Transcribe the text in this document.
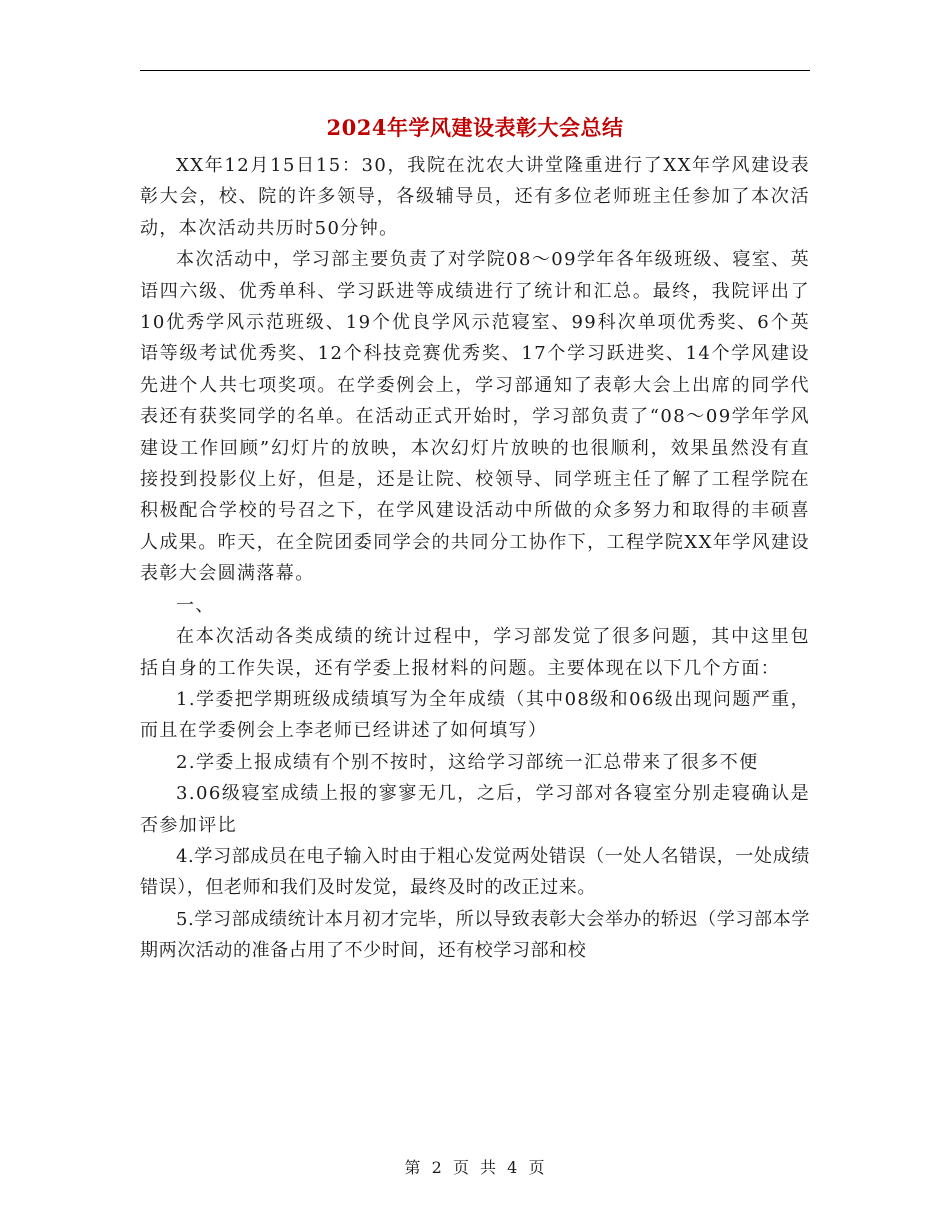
2024年学风建设表彰大会总结

XX年12月15日15：30，我院在沈农大讲堂隆重进行了XX年学风建设表彰大会，校、院的许多领导，各级辅导员，还有多位老师班主任参加了本次活动，本次活动共历时50分钟。

本次活动中，学习部主要负责了对学院08～09学年各年级班级、寝室、英语四六级、优秀单科、学习跃进等成绩进行了统计和汇总。最终，我院评出了10优秀学风示范班级、19个优良学风示范寝室、99科次单项优秀奖、6个英语等级考试优秀奖、12个科技竞赛优秀奖、17个学习跃进奖、14个学风建设先进个人共七项奖项。在学委例会上，学习部通知了表彰大会上出席的同学代表还有获奖同学的名单。在活动正式开始时，学习部负责了“08～09学年学风建设工作回顾”幻灯片的放映，本次幻灯片放映的也很顺利，效果虽然没有直接投到投影仪上好，但是，还是让院、校领导、同学班主任了解了工程学院在积极配合学校的号召之下，在学风建设活动中所做的众多努力和取得的丰硕喜人成果。昨天，在全院团委同学会的共同分工协作下，工程学院XX年学风建设表彰大会圆满落幕。

一、

在本次活动各类成绩的统计过程中，学习部发觉了很多问题，其中这里包括自身的工作失误，还有学委上报材料的问题。主要体现在以下几个方面：

1.学委把学期班级成绩填写为全年成绩（其中08级和06级出现问题严重，而且在学委例会上李老师已经讲述了如何填写）

2.学委上报成绩有个别不按时，这给学习部统一汇总带来了很多不便

3.06级寝室成绩上报的寥寥无几，之后，学习部对各寝室分别走寝确认是否参加评比

4.学习部成员在电子输入时由于粗心发觉两处错误（一处人名错误，一处成绩错误），但老师和我们及时发觉，最终及时的改正过来。

5.学习部成绩统计本月初才完毕，所以导致表彰大会举办的轿迟（学习部本学期两次活动的准备占用了不少时间，还有校学习部和校

第 2 页 共 4 页
